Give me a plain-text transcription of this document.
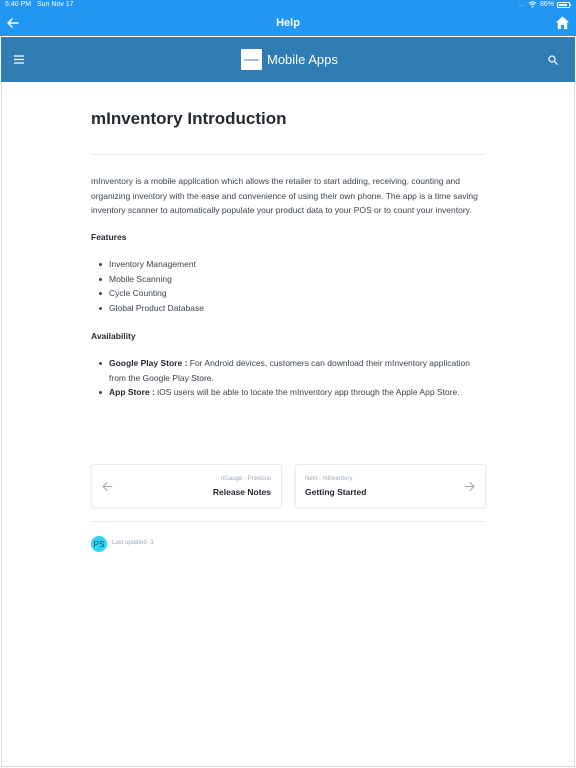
5:40 PM Sun Nov 17	.... 86%
Help
Mobile Apps
mInventory Introduction

mInventory is a mobile application which allows the retailer to start adding, receiving, counting and organizing inventory with the ease and convenience of using their own phone. The app is a time saving inventory scanner to automatically populate your product data to your POS or to count your inventory.

Features
Inventory Management
Mobile Scanning
Cycle Counting
Global Product Database
Availability
Google Play Store : For Android devices, customers can download their mInventory application from the Google Play Store.
App Store : iOS users will be able to locate the mInventory app through the Apple App Store.
nGauge - Previous
Release Notes
Next - mInventory
Getting Started
PS	Last updated -3
